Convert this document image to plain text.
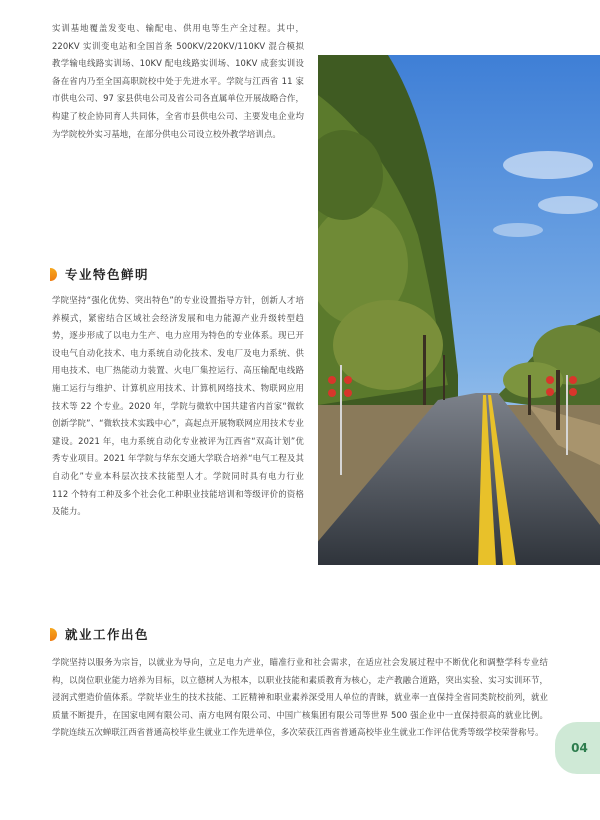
实训基地覆盖发变电、输配电、供用电等生产全过程。其中，220KV 实训变电站和全国首条 500KV/220KV/110KV 混合模拟教学输电线路实训场、10KV 配电线路实训场、10KV 成套实训设备在省内乃至全国高职院校中处于先进水平。学院与江西省 11 家市供电公司、97 家县供电公司及省公司各直属单位开展战略合作，构建了校企协同育人共同体，全省市县供电公司、主要发电企业均为学院校外实习基地，在部分供电公司设立校外教学培训点。

专业特色鲜明

学院坚持“强化优势、突出特色”的专业设置指导方针，创新人才培养模式，紧密结合区域社会经济发展和电力能源产业升级转型趋势，逐步形成了以电力生产、电力应用为特色的专业体系。现已开设电气自动化技术、电力系统自动化技术、发电厂及电力系统、供用电技术、电厂热能动力装置、火电厂集控运行、高压输配电线路施工运行与维护、计算机应用技术、计算机网络技术、物联网应用技术等 22 个专业。2020 年，学院与微软中国共建省内首家“微软创新学院”、“微软技术实践中心”，高起点开展物联网应用技术专业建设。2021 年，电力系统自动化专业被评为江西省“双高计划”优秀专业项目。2021 年学院与华东交通大学联合培养“电气工程及其自动化”专业本科层次技术技能型人才。学院同时具有电力行业 112 个特有工种及多个社会化工种职业技能培训和等级评价的资格及能力。

就业工作出色

学院坚持以服务为宗旨，以就业为导向，立足电力产业，瞄准行业和社会需求，在适应社会发展过程中不断优化和调整学科专业结构，以岗位职业能力培养为目标，以立德树人为根本，以职业技能和素质教育为核心，走产教融合道路，突出实验、实习实训环节，浸润式塑造价值体系。学院毕业生的技术技能、工匠精神和职业素养深受用人单位的青睐，就业率一直保持全省同类院校前列，就业质量不断提升，在国家电网有限公司、南方电网有限公司、中国广核集团有限公司等世界 500 强企业中一直保持很高的就业比例。学院连续五次蝉联江西省普通高校毕业生就业工作先进单位，多次荣获江西省普通高校毕业生就业工作评估优秀等级学校荣誉称号。

04
